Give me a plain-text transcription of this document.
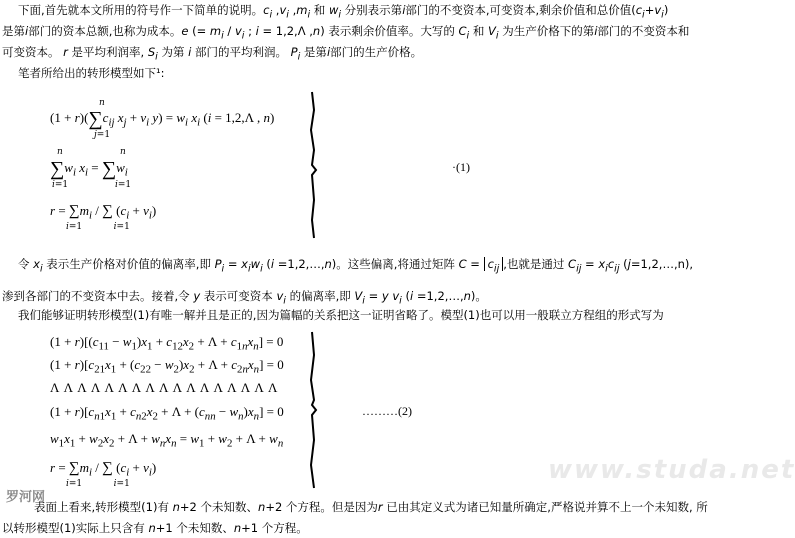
下面,首先就本文所用的符号作一下简单的说明。$c_i$ $,v_i$ $,m_i$ 和 $w_i$ 分别表示第i部门的不变资本,可变资本,剩余价值和总价值$(c_i+v_i)$
是第i部门的资本总额,也称为成本。e (= $m_i / v_i$ ; i = 1,2,Λ ,n) 表示剩余价值率。大写的 $C_i$ 和 $V_i$ 为生产价格下的第i部门的不变资本和
可变资本。 r 是平均利润率, $S_i$ 为第 i 部门的平均利润。 $P_i$ 是第i部门的生产价格。
笔者所给出的转形模型如下¹:
$(1 + r)(\sum c_{ij}$ $x_j + v_i$ $y) = w_i$ $x_i$ (i = 1,2,Λ , n)
n
j=1
$\sum w_i$ $x_i = \sum w_i$
n
i=1
n
i=1
$r = \sum m_i$ / ∑ $(c_i + v_i)$
i=1           i=1
·(1)
令 $x_i$ 表示生产价格对价值的偏离率,即 $P_i = x_iw_i$ (i =1,2,…,n)。这些偏离,将通过矩阵 $C = c_{ij}$ ,也就是通过 $C_{ij} = x_ic_{ij}$ (j=1,2,…,n),
渗到各部门的不变资本中去。接着,令 y 表示可变资本 $v_i$ 的偏离率,即 $V_i = y$ $v_i$ (i =1,2,…,n)。
我们能够证明转形模型(1)有唯一解并且是正的,因为篇幅的关系把这一证明省略了。模型(1)也可以用一般联立方程组的形式写为
$(1 + r)[(c_{11} - w_1)x_1 + c_{12}x_2 + \Lambda + c_{1n}x_n] = 0$
$(1 + r)[c_{21}x_1 + (c_{22} - w_2)x_2 + \Lambda + c_{2n}x_n] = 0$
Λ Λ Λ Λ Λ Λ Λ Λ Λ Λ Λ Λ Λ Λ Λ Λ Λ
$(1 + r)[c_{n1}x_1 + c_{n2}x_2 + \Lambda + (c_{nn} - w_n)x_n] = 0$
$w_1x_1 + w_2x_2 + \Lambda + w_nx_n = w_1 + w_2 + \Lambda + w_n$
$r = \sum m_i$ / ∑ $(c_i + v_i)$
i=1           i=1
………(2)
www.studa.net
罗河网
表面上看来,转形模型(1)有 n+2 个未知数、n+2 个方程。但是因为r 已由其定义式为诸已知量所确定,严格说并算不上一个未知数, 所
以转形模型(1)实际上只含有 n+1 个未知数、n+1 个方程。
